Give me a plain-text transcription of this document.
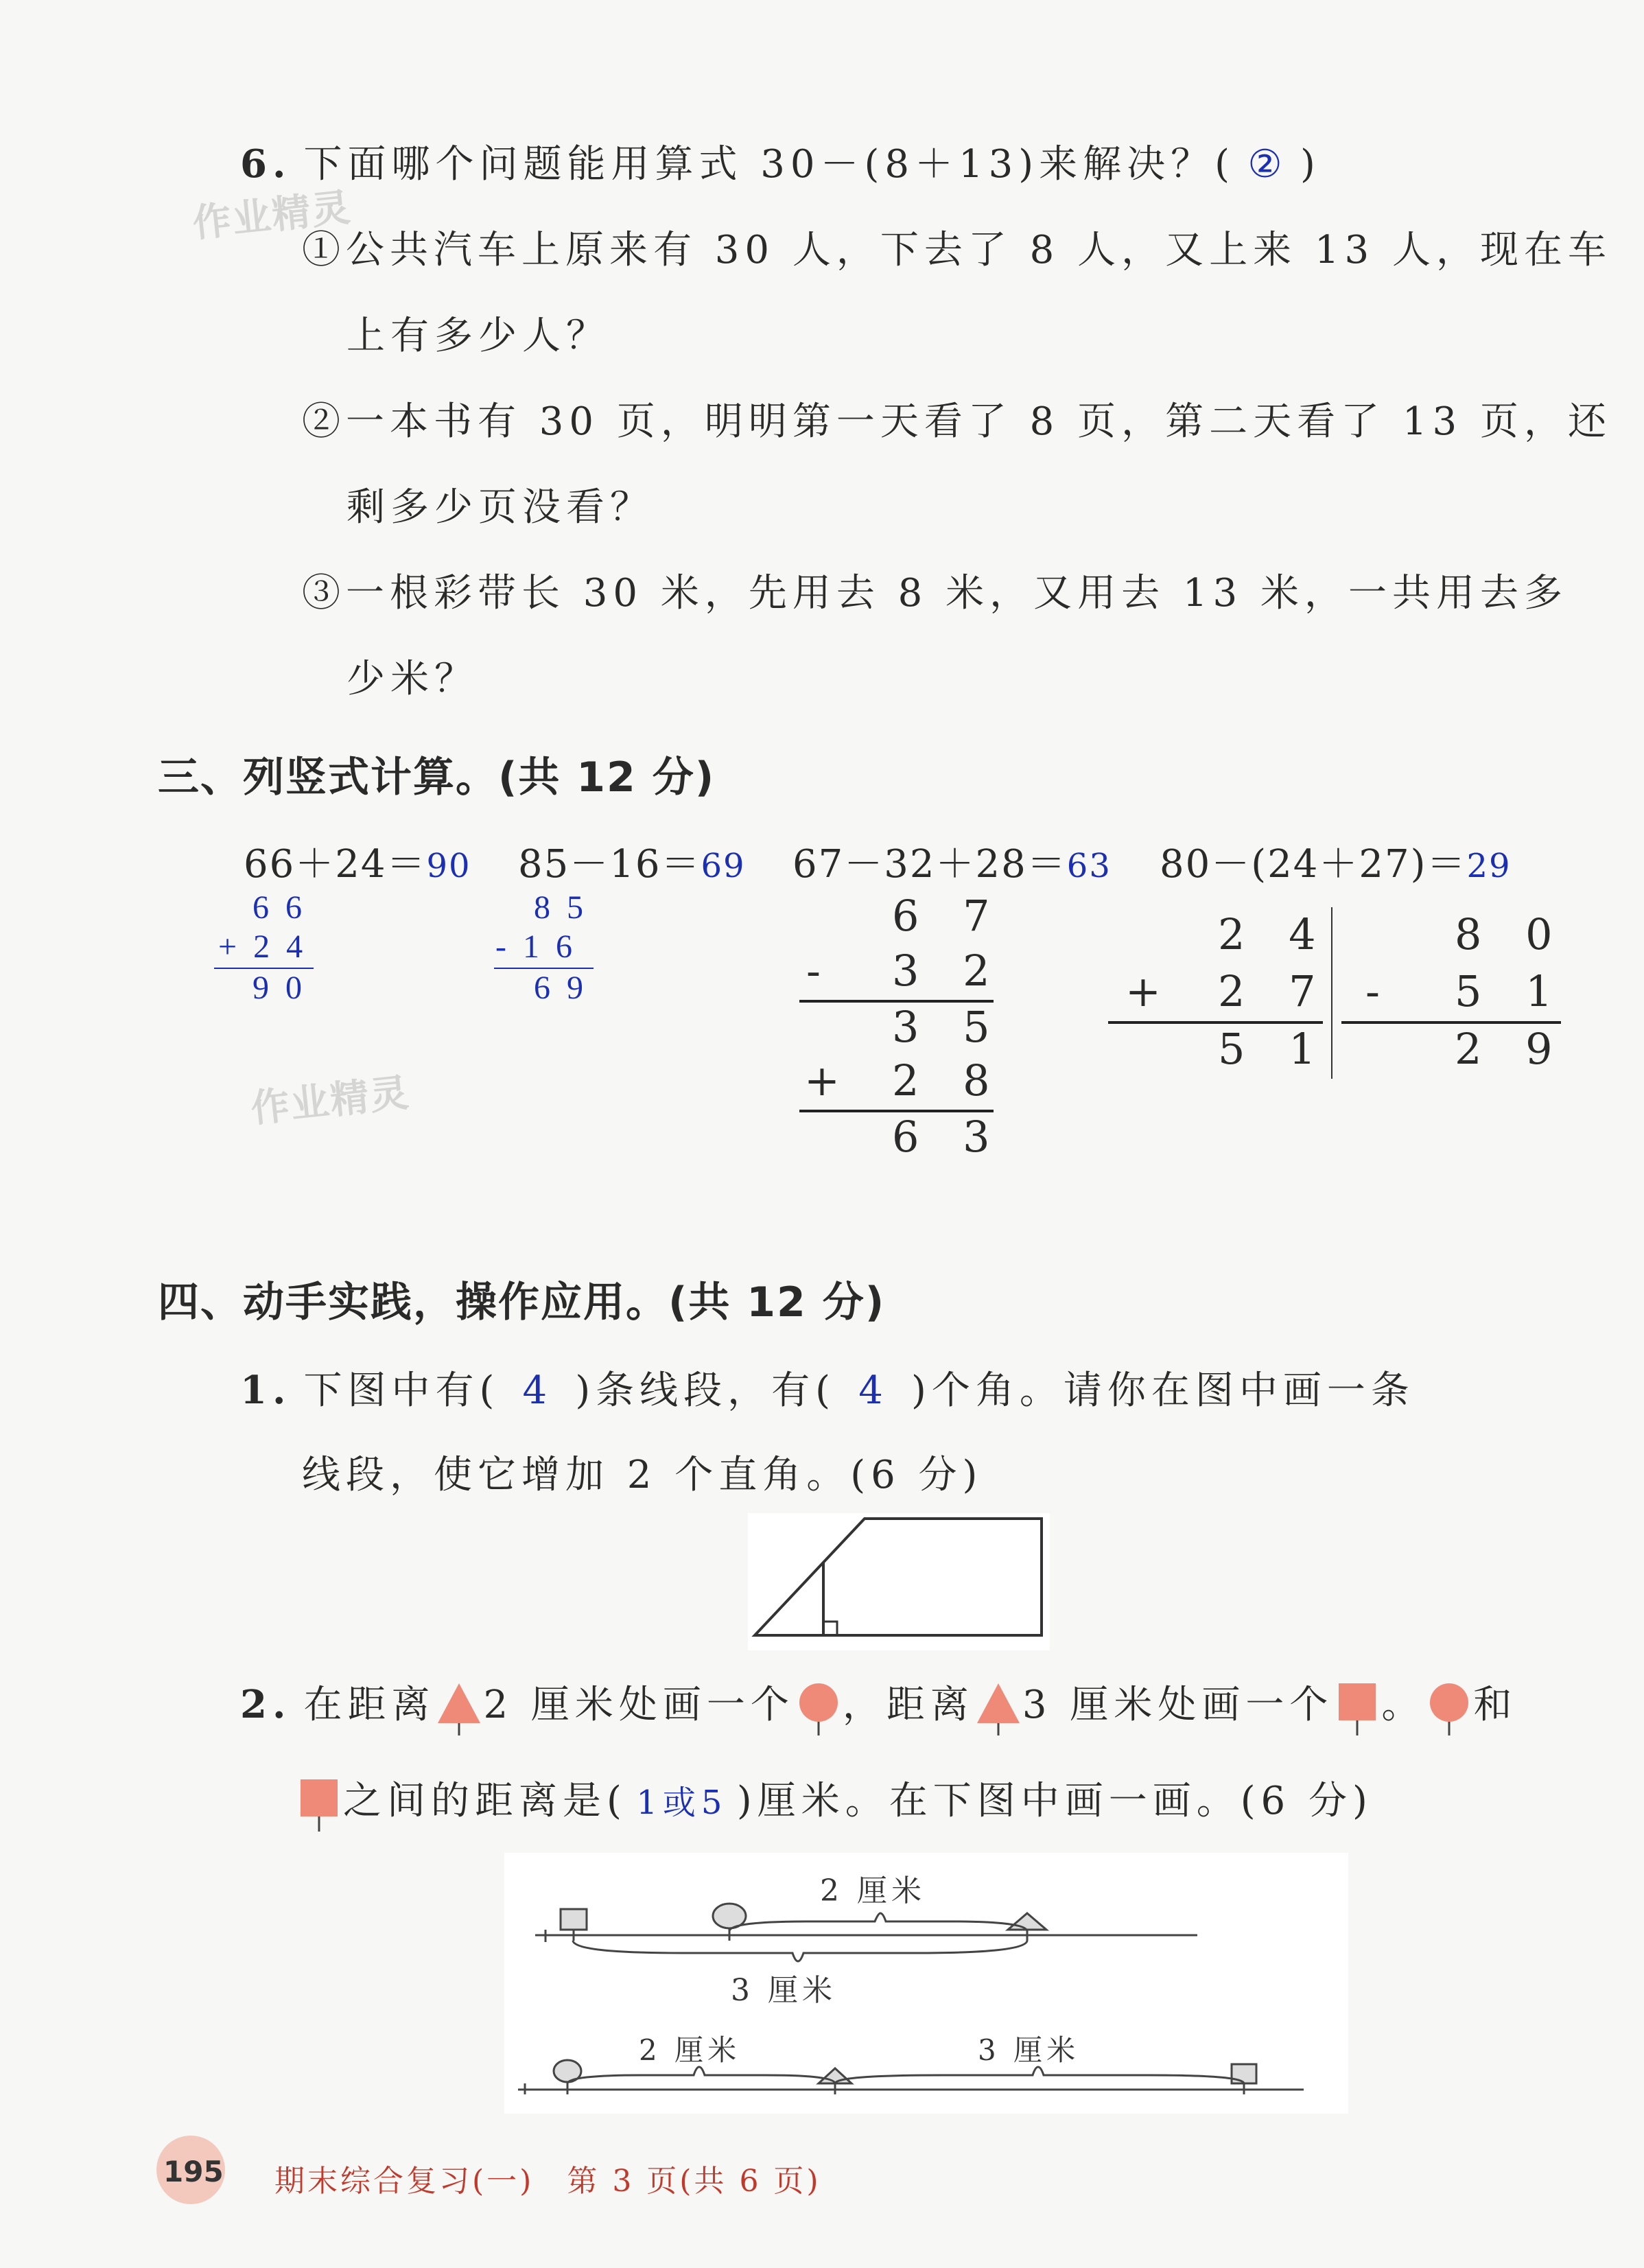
作业精灵
作业精灵
6. 下面哪个问题能用算式 30－(8＋13)来解决？( ② )
①公共汽车上原来有 30 人，下去了 8 人，又上来 13 人，现在车
上有多少人？
②一本书有 30 页，明明第一天看了 8 页，第二天看了 13 页，还
剩多少页没看？
③一根彩带长 30 米，先用去 8 米，又用去 13 米，一共用去多
少米？
三、列竖式计算。(共 12 分)
66＋24＝90 85－16＝69 67－32＋28＝63 80－(24＋27)＝29
6 6
+ 2 4
9 0
8 5
- 1 6
6 9
6 7
- 3 2
3 5
+ 2 8
6 3
2 4
+ 2 7
5 1
8 0
- 5 1
2 9
四、动手实践，操作应用。(共 12 分)
1. 下图中有( 4 )条线段，有( 4 )个角。请你在图中画一条
线段，使它增加 2 个直角。(6 分)
2. 在距离 2 厘米处画一个 ，距离 3 厘米处画一个 。 和
之间的距离是( 1或5 )厘米。在下图中画一画。(6 分)
2 厘米
3 厘米
2 厘米	3 厘米
195 期末综合复习(一)　第 3 页(共 6 页)
